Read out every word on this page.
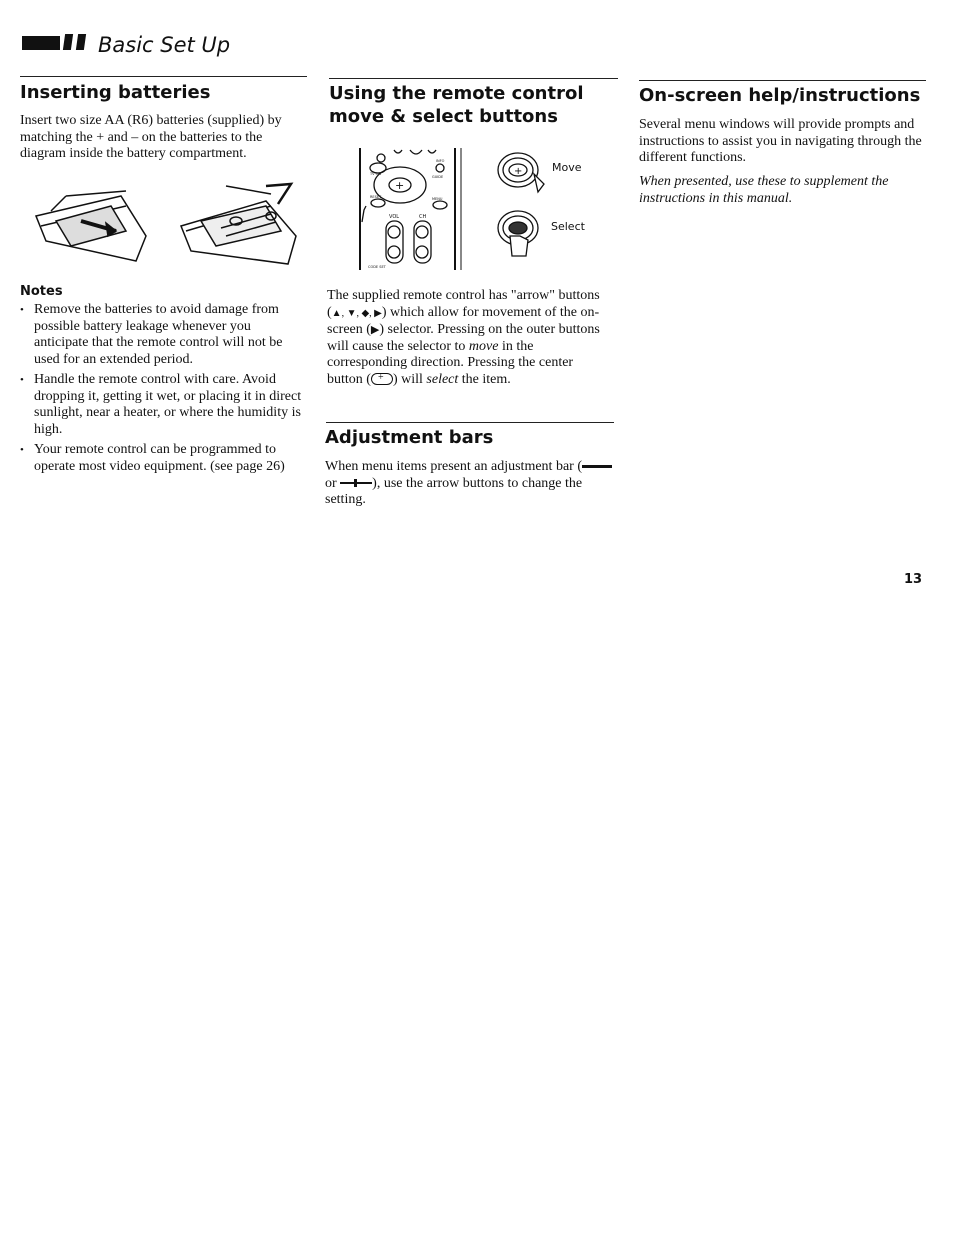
Basic Set Up
Inserting batteries

Insert two size AA (R6) batteries (supplied) by matching the + and – on the batteries to the diagram inside the battery compartment.

Notes
• Remove the batteries to avoid damage from possible battery leakage whenever you anticipate that the remote control will not be used for an extended period.
• Handle the remote control with care. Avoid dropping it, getting it wet, or placing it in direct sunlight, near a heater, or where the humidity is high.
• Your remote control can be programmed to operate most video equipment. (see page 26)
Using the remote control move & select buttons
+
VOL	CH
TV ON
INFO
GUIDE
RESET	MENU
CODE SET
+	Move
Select

The supplied remote control has "arrow" buttons (▲, ▼, ◆, ▶) which allow for movement of the on-screen (▶) selector. Pressing on the outer buttons will cause the selector to move in the corresponding direction. Pressing the center button (+ ) will select the item.

Adjustment bars

When menu items present an adjustment bar ( or ), use the arrow buttons to change the setting.

On-screen help/instructions

Several menu windows will provide prompts and instructions to assist you in navigating through the different functions.

When presented, use these to supplement the instructions in this manual.

13
